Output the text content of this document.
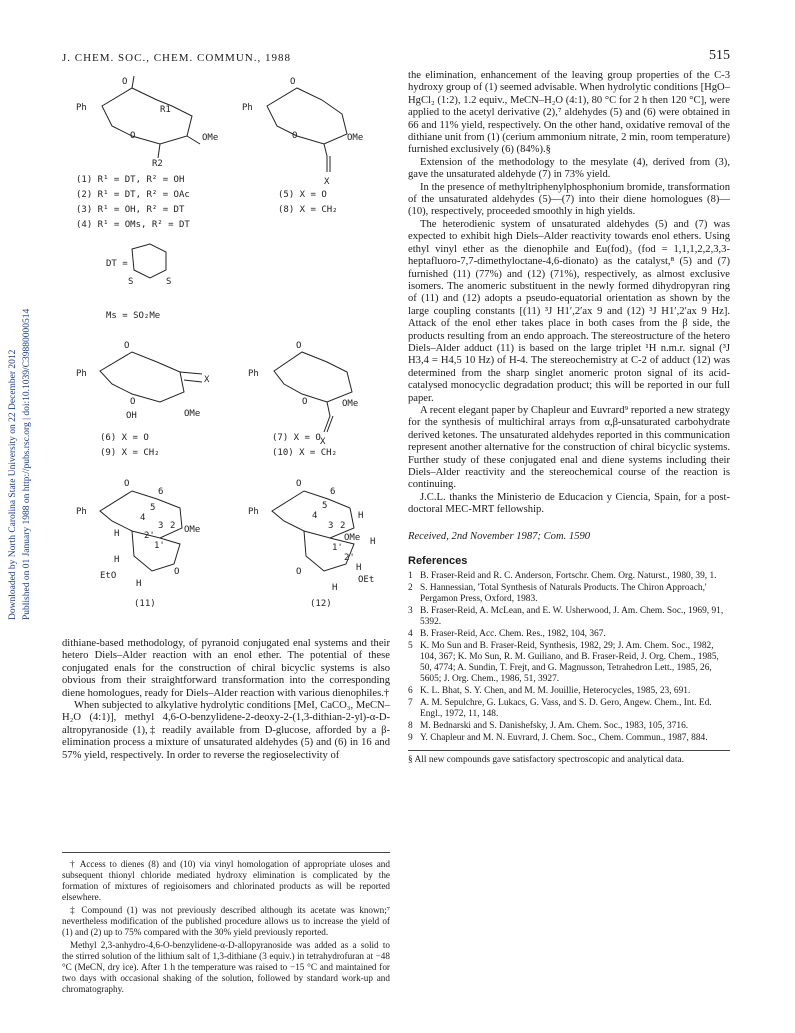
J. CHEM. SOC., CHEM. COMMUN., 1988	515
Downloaded by North Carolina State University on 22 December 2012 Published on 01 January 1988 on http://pubs.rsc.org | doi:10.1039/C39880000514
Ph
O
R1
O	OMe
R2
(1) R¹ = DT, R² = OH
(2) R¹ = DT, R² = OAc
(3) R¹ = OH, R² = DT
(4) R¹ = OMs, R² = DT
Ph
O
O	OMe
X
(5) X = O
(8) X = CH₂
DT =
S	S
Ms = SO₂Me
Ph
O
O
OMe
X
OH
(6) X = O
(9) X = CH₂
Ph
O
O	OMe
X
(7) X = O
(10) X = CH₂
Ph
O
6
5
4
3 2 OMe
H
1'
2'
H
O
EtO
H
(11)
Ph
O
6
5
4
3 2
H
OMe H
1'
2'
H
O
OEt
H
(12)

dithiane-based methodology, of pyranoid conjugated enal systems and their hetero Diels–Alder reaction with an enol ether. The potential of these conjugated enals for the construction of chiral bicyclic systems is also obvious from their straightforward transformation into the corresponding diene homologues, ready for Diels–Alder reaction with various dienophiles.†

When subjected to alkylative hydrolytic conditions [MeI, CaCO₃, MeCN–H₂O (4:1)], methyl 4,6-O-benzylidene-2-deoxy-2-(1,3-dithian-2-yl)-α-D-altropyranoside (1),‡ readily available from D-glucose, afforded by a β-elimination process a mixture of unsaturated aldehydes (5) and (6) in 16 and 57% yield, respectively. In order to reverse the regioselectivity of

† Access to dienes (8) and (10) via vinyl homologation of appropriate uloses and subsequent thionyl chloride mediated hydroxy elimination is complicated by the formation of mixtures of regioisomers and chlorinated products as will be reported elsewhere.

‡ Compound (1) was not previously described although its acetate was known;⁷ nevertheless modification of the published procedure allows us to increase the yield of (1) and (2) up to 75% compared with the 30% yield previously reported.

Methyl 2,3-anhydro-4,6-O-benzylidene-α-D-allopyranoside was added as a solid to the stirred solution of the lithium salt of 1,3-dithiane (3 equiv.) in tetrahydrofuran at −48 °C (MeCN, dry ice). After 1 h the temperature was raised to −15 °C and maintained for two days with occasional shaking of the solution, followed by standard work-up and chromatography.

the elimination, enhancement of the leaving group properties of the C-3 hydroxy group of (1) seemed advisable. When hydrolytic conditions [HgO–HgCl₂ (1:2), 1.2 equiv., MeCN–H₂O (4:1), 80 °C for 2 h then 120 °C], were applied to the acetyl derivative (2),⁷ aldehydes (5) and (6) were obtained in 66 and 11% yield, respectively. On the other hand, oxidative removal of the dithiane unit from (1) (cerium ammonium nitrate, 2 min, room temperature) furnished exclusively (6) (84%).§

Extension of the methodology to the mesylate (4), derived from (3), gave the unsaturated aldehyde (7) in 73% yield.

In the presence of methyltriphenylphosphonium bromide, transformation of the unsaturated aldehydes (5)—(7) into their diene homologues (8)—(10), respectively, proceeded smoothly in high yields.

The heterodienic system of unsaturated aldehydes (5) and (7) was expected to exhibit high Diels–Alder reactivity towards enol ethers. Using ethyl vinyl ether as the dienophile and Eu(fod)₃ (fod = 1,1,1,2,2,3,3-heptafluoro-7,7-dimethyloctane-4,6-dionato) as the catalyst,⁸ (5) and (7) furnished (11) (77%) and (12) (71%), respectively, as almost exclusive isomers. The anomeric substituent in the newly formed dihydropyran ring of (11) and (12) adopts a pseudo-equatorial orientation as shown by the large coupling constants [(11) ³J H1′,2′ax 9 and (12) ³J H1′,2′ax 9 Hz]. Attack of the enol ether takes place in both cases from the β side, the products resulting from an endo approach. The stereostructure of the hetero Diels–Alder adduct (11) is based on the large triplet ¹H n.m.r. signal (³J H3,4 = H4,5 10 Hz) of H-4. The stereochemistry at C-2 of adduct (12) was determined from the sharp singlet anomeric proton signal of its acid-catalysed monocyclic degradation product; this will be reported in our full paper.

A recent elegant paper by Chapleur and Euvrard⁹ reported a new strategy for the synthesis of multichiral arrays from α,β-unsaturated carbohydrate derived ketones. The unsaturated aldehydes reported in this communication represent another alternative for the construction of chiral bicyclic systems. Further study of these conjugated enal and diene systems including their Diels–Alder reactivity and the stereochemical course of the reaction is continuing.

J.C.L. thanks the Ministerio de Educacion y Ciencia, Spain, for a post-doctoral MEC-MRT fellowship.

Received, 2nd November 1987; Com. 1590
References
1 B. Fraser-Reid and R. C. Anderson, Fortschr. Chem. Org. Naturst., 1980, 39, 1.
2 S. Hannessian, 'Total Synthesis of Naturals Products. The Chiron Approach,' Pergamon Press, Oxford, 1983.
3 B. Fraser-Reid, A. McLean, and E. W. Usherwood, J. Am. Chem. Soc., 1969, 91, 5392.
4 B. Fraser-Reid, Acc. Chem. Res., 1982, 104, 367.
5 K. Mo Sun and B. Fraser-Reid, Synthesis, 1982, 29; J. Am. Chem. Soc., 1982, 104, 367; K. Mo Sun, R. M. Guiliano, and B. Fraser-Reid, J. Org. Chem., 1985, 50, 4774; A. Sundin, T. Frejt, and G. Magnusson, Tetrahedron Lett., 1985, 26, 5605; J. Org. Chem., 1986, 51, 3927.
6 K. L. Bhat, S. Y. Chen, and M. M. Jouillie, Heterocycles, 1985, 23, 691.
7 A. M. Sepulchre, G. Lukacs, G. Vass, and S. D. Gero, Angew. Chem., Int. Ed. Engl., 1972, 11, 148.
8 M. Bednarski and S. Danishefsky, J. Am. Chem. Soc., 1983, 105, 3716.
9 Y. Chapleur and M. N. Euvrard, J. Chem. Soc., Chem. Commun., 1987, 884.
§ All new compounds gave satisfactory spectroscopic and analytical data.
